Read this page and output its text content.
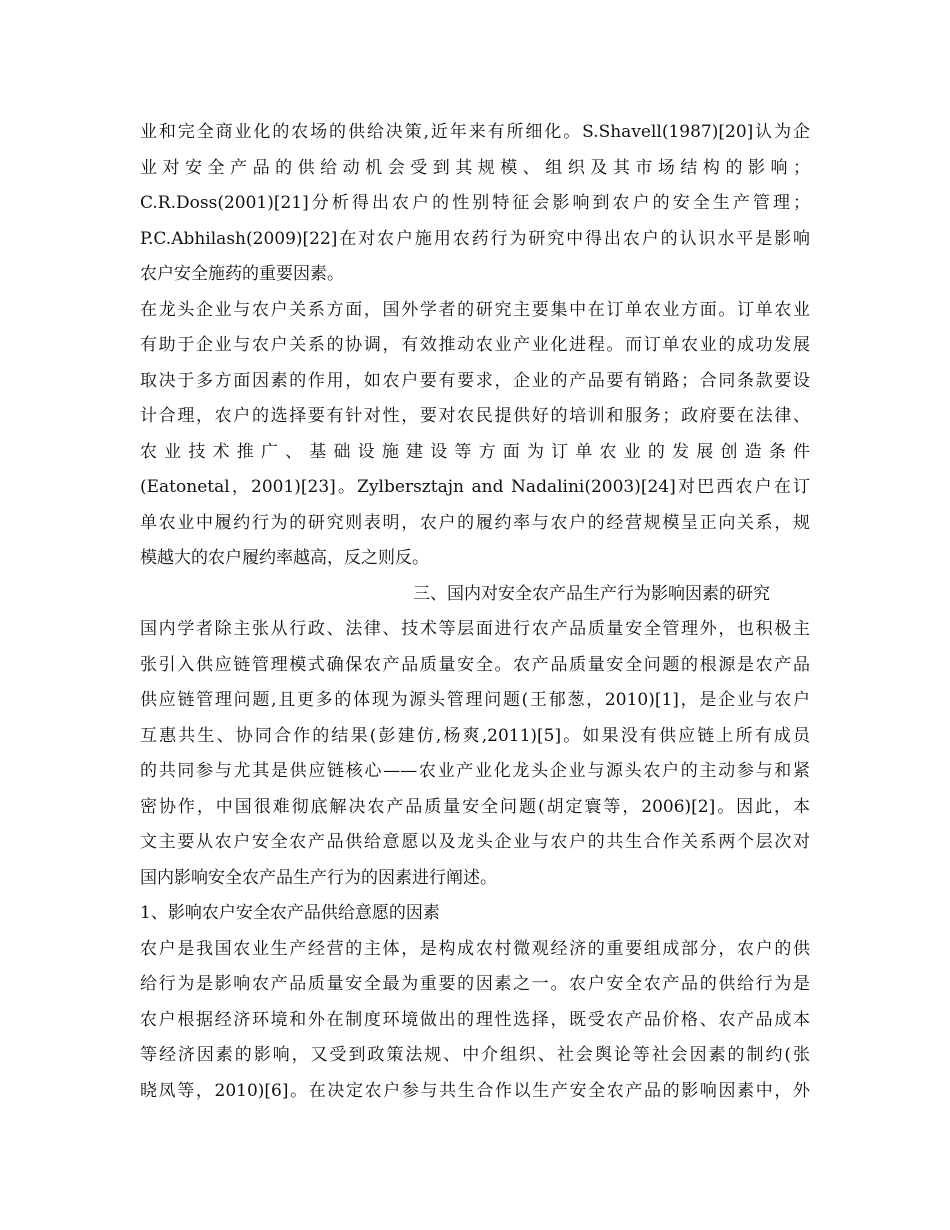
业和完全商业化的农场的供给决策,近年来有所细化。S.Shavell(1987)[20]认为企
业对安全产品的供给动机会受到其规模、组织及其市场结构的影响；
C.R.Doss(2001)[21]分析得出农户的性别特征会影响到农户的安全生产管理；
P.C.Abhilash(2009)[22]在对农户施用农药行为研究中得出农户的认识水平是影响
农户安全施药的重要因素。
在龙头企业与农户关系方面，国外学者的研究主要集中在订单农业方面。订单农业
有助于企业与农户关系的协调，有效推动农业产业化进程。而订单农业的成功发展
取决于多方面因素的作用，如农户要有要求，企业的产品要有销路；合同条款要设
计合理，农户的选择要有针对性，要对农民提供好的培训和服务；政府要在法律、
农业技术推广、基础设施建设等方面为订单农业的发展创造条件
(Eatonetal，2001)[23]。Zylbersztajn and Nadalini(2003)[24]对巴西农户在订
单农业中履约行为的研究则表明，农户的履约率与农户的经营规模呈正向关系，规
模越大的农户履约率越高，反之则反。
三、国内对安全农产品生产行为影响因素的研究
国内学者除主张从行政、法律、技术等层面进行农产品质量安全管理外，也积极主
张引入供应链管理模式确保农产品质量安全。农产品质量安全问题的根源是农产品
供应链管理问题,且更多的体现为源头管理问题(王郁葱，2010)[1]，是企业与农户
互惠共生、协同合作的结果(彭建仿,杨爽,2011)[5]。如果没有供应链上所有成员
的共同参与尤其是供应链核心——农业产业化龙头企业与源头农户的主动参与和紧
密协作，中国很难彻底解决农产品质量安全问题(胡定寰等，2006)[2]。因此，本
文主要从农户安全农产品供给意愿以及龙头企业与农户的共生合作关系两个层次对
国内影响安全农产品生产行为的因素进行阐述。
1、影响农户安全农产品供给意愿的因素
农户是我国农业生产经营的主体，是构成农村微观经济的重要组成部分，农户的供
给行为是影响农产品质量安全最为重要的因素之一。农户安全农产品的供给行为是
农户根据经济环境和外在制度环境做出的理性选择，既受农产品价格、农产品成本
等经济因素的影响，又受到政策法规、中介组织、社会舆论等社会因素的制约(张
晓凤等，2010)[6]。在决定农户参与共生合作以生产安全农产品的影响因素中，外
